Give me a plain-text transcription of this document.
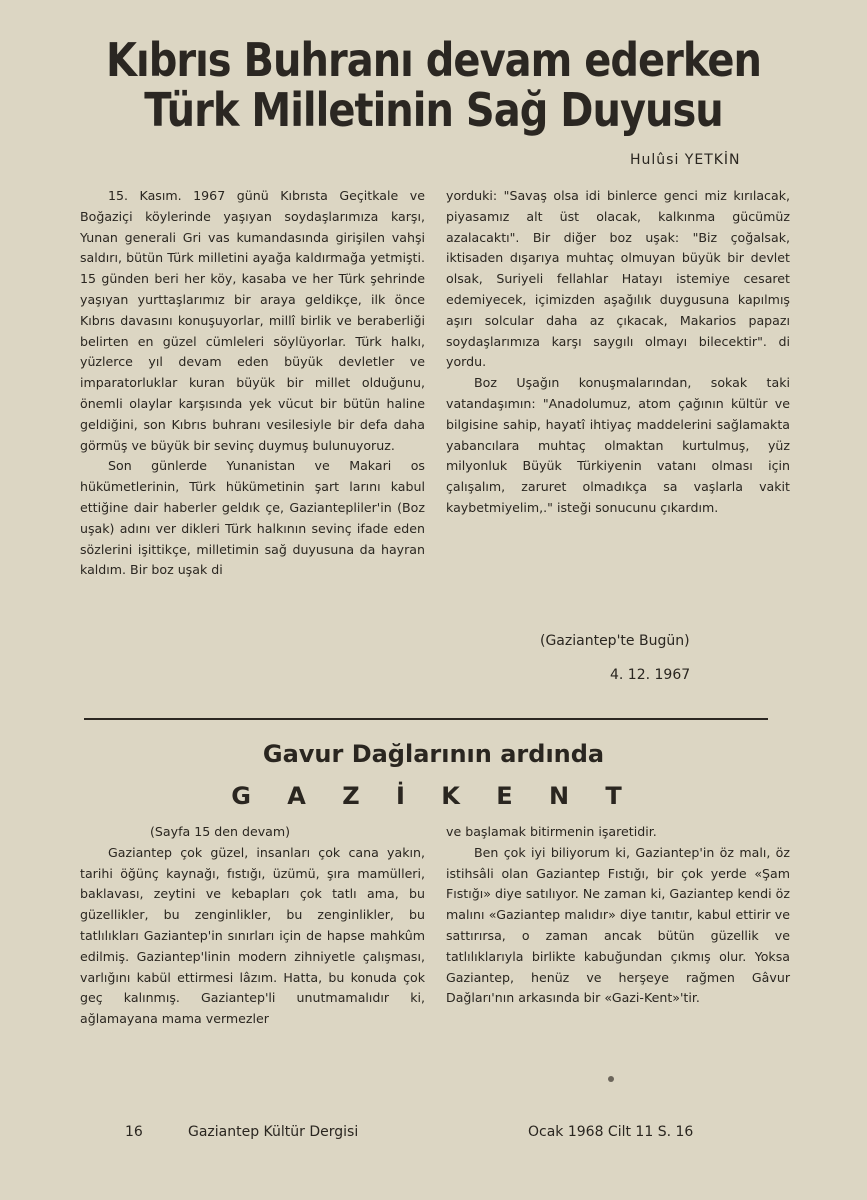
Kıbrıs Buhranı devam ederken
Türk Milletinin Sağ Duyusu
Hulûsi YETKİN

15. Kasım. 1967 günü Kıbrısta Geçitkale ve Boğaziçi köylerinde yaşıyan soydaşlarımıza karşı, Yunan generali Gri vas kumandasında girişilen vahşi saldırı, bütün Türk milletini ayağa kaldırmağa yetmişti. 15 günden beri her köy, kasaba ve her Türk şehrinde yaşıyan yurttaşlarımız bir araya geldikçe, ilk önce Kıbrıs davasını konuşuyorlar, millî birlik ve beraberliği belirten en güzel cümleleri söylüyorlar. Türk halkı, yüzlerce yıl devam eden büyük devletler ve imparatorluklar kuran büyük bir millet olduğunu, önemli olaylar karşısında yek vücut bir bütün haline geldiğini, son Kıbrıs buhranı vesilesiyle bir defa daha görmüş ve büyük bir sevinç duymuş bulunuyoruz.

Son günlerde Yunanistan ve Makari os hükümetlerinin, Türk hükümetinin şart larını kabul ettiğine dair haberler geldık çe, Gaziantepliler'in (Boz uşak) adını ver dikleri Türk halkının sevinç ifade eden sözlerini işittikçe, milletimin sağ duyusuna da hayran kaldım. Bir boz uşak di

yorduki: "Savaş olsa idi binlerce genci miz kırılacak, piyasamız alt üst olacak, kalkınma gücümüz azalacaktı". Bir diğer boz uşak: "Biz çoğalsak, iktisaden dışarıya muhtaç olmuyan büyük bir devlet olsak, Suriyeli fellahlar Hatayı istemiye cesaret edemiyecek, içimizden aşağılık duygusuna kapılmış aşırı solcular daha az çıkacak, Makarios papazı soydaşlarımıza karşı saygılı olmayı bilecektir". di yordu.

Boz Uşağın konuşmalarından, sokak taki vatandaşımın: "Anadolumuz, atom çağının kültür ve bilgisine sahip, hayatî ihtiyaç maddelerini sağlamakta yabancılara muhtaç olmaktan kurtulmuş, yüz milyonluk Büyük Türkiyenin vatanı olması için çalışalım, zaruret olmadıkça sa vaşlarla vakit kaybetmiyelim,." isteği sonucunu çıkardım.

(Gaziantep'te Bugün)
4. 12. 1967
Gavur Dağlarının ardında
G A Z İ K E N T

(Sayfa 15 den devam)

Gaziantep çok güzel, insanları çok cana yakın, tarihi öğünç kaynağı, fıstığı, üzümü, şıra mamülleri, baklavası, zeytini ve kebapları çok tatlı ama, bu güzellikler, bu zenginlikler, bu zenginlikler, bu tatlılıkları Gaziantep'in sınırları için de hapse mahkûm edilmiş. Gaziantep'linin modern zihniyetle çalışması, varlığını kabül ettirmesi lâzım. Hatta, bu konuda çok geç kalınmış. Gaziantep'li unutmamalıdır ki, ağlamayana mama vermezler

ve başlamak bitirmenin işaretidir.

Ben çok iyi biliyorum ki, Gaziantep'in öz malı, öz istihsâli olan Gaziantep Fıstığı, bir çok yerde «Şam Fıstığı» diye satılıyor. Ne zaman ki, Gaziantep kendi öz malını «Gaziantep malıdır» diye tanıtır, kabul ettirir ve sattırırsa, o zaman ancak bütün güzellik ve tatlılıklarıyla birlikte kabuğundan çıkmış olur. Yoksa Gaziantep, henüz ve herşeye rağmen Gâvur Dağları'nın arkasında bir «Gazi-Kent»'tir.

16	Gaziantep Kültür Dergisi	Ocak 1968 Cilt 11 S. 16
